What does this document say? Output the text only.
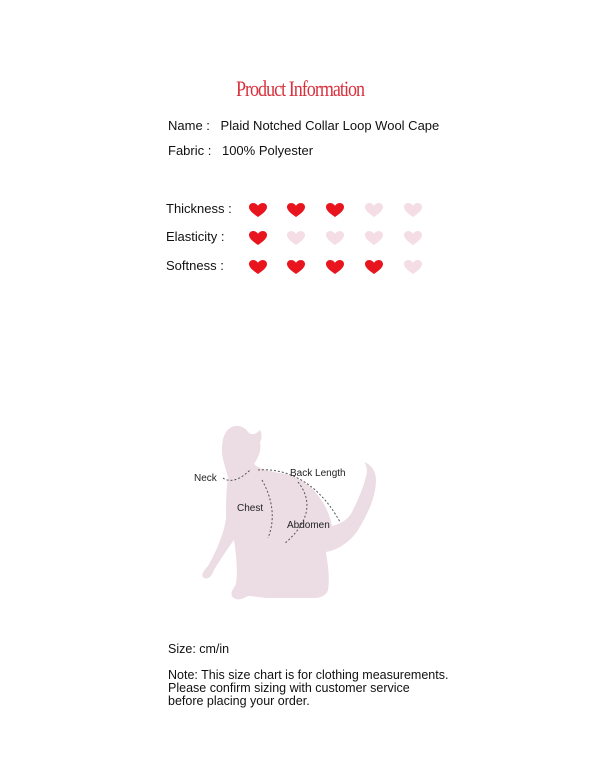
Product Information
Name : Plaid Notched Collar Loop Wool Cape
Fabric : 100% Polyester
Thickness :
Elasticity :
Softness :
Neck	Back Length
Chest
Abdomen
Size: cm/in
Note: This size chart is for clothing measurements.
Please confirm sizing with customer service
before placing your order.
